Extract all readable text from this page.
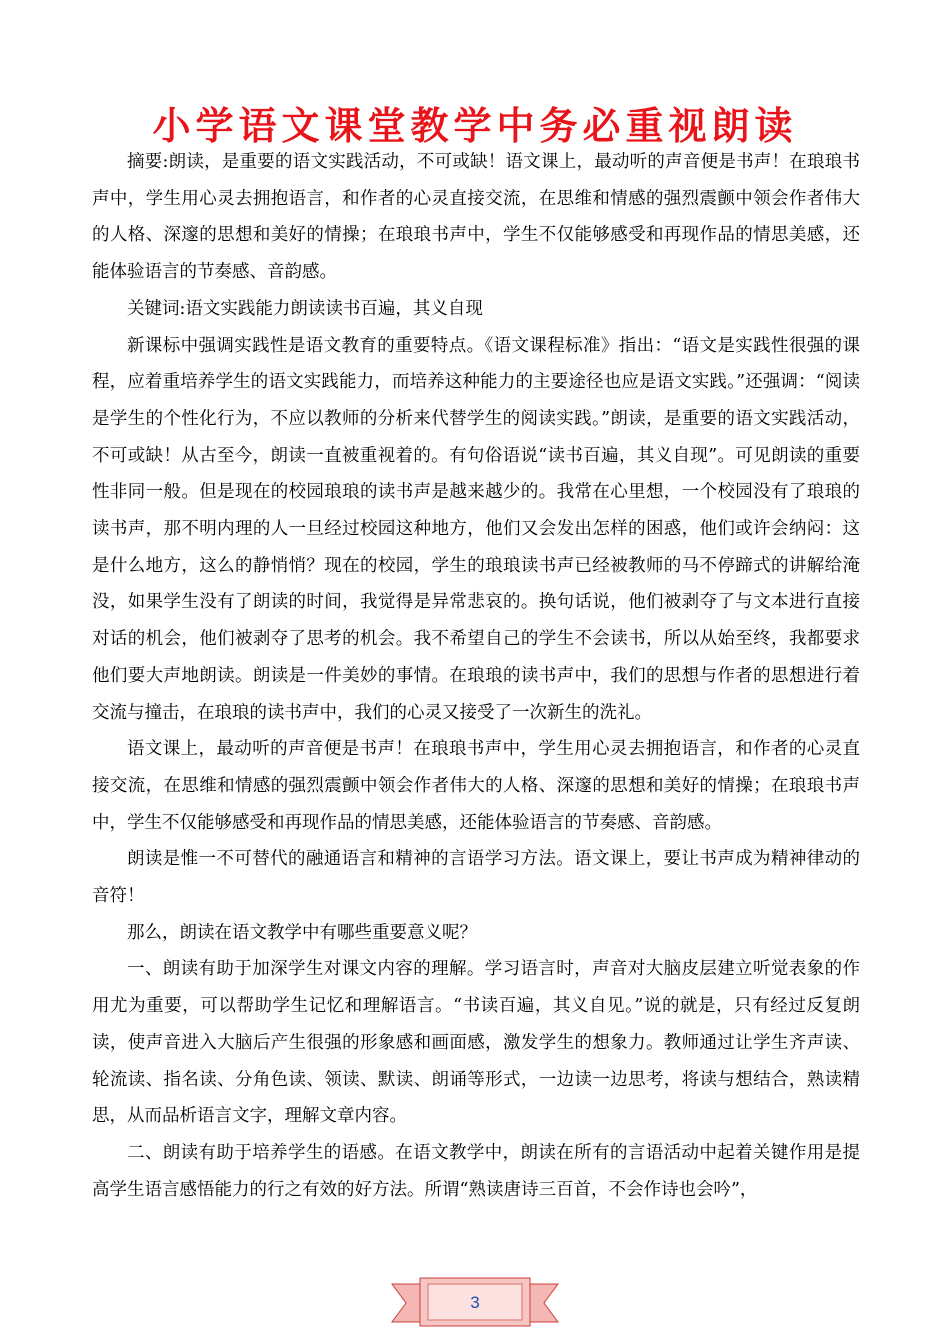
小学语文课堂教学中务必重视朗读

摘要:朗读，是重要的语文实践活动，不可或缺！语文课上，最动听的声音便是书声！在琅琅书声中，学生用心灵去拥抱语言，和作者的心灵直接交流，在思维和情感的强烈震颤中领会作者伟大的人格、深邃的思想和美好的情操；在琅琅书声中，学生不仅能够感受和再现作品的情思美感，还能体验语言的节奏感、音韵感。

关键词:语文实践能力朗读读书百遍，其义自现

新课标中强调实践性是语文教育的重要特点。《语文课程标准》指出：“语文是实践性很强的课程，应着重培养学生的语文实践能力，而培养这种能力的主要途径也应是语文实践。”还强调：“阅读是学生的个性化行为，不应以教师的分析来代替学生的阅读实践。”朗读，是重要的语文实践活动，不可或缺！从古至今，朗读一直被重视着的。有句俗语说“读书百遍，其义自现”。可见朗读的重要性非同一般。但是现在的校园琅琅的读书声是越来越少的。我常在心里想，一个校园没有了琅琅的读书声，那不明内理的人一旦经过校园这种地方，他们又会发出怎样的困惑，他们或许会纳闷：这是什么地方，这么的静悄悄？现在的校园，学生的琅琅读书声已经被教师的马不停蹄式的讲解给淹没，如果学生没有了朗读的时间，我觉得是异常悲哀的。换句话说，他们被剥夺了与文本进行直接对话的机会，他们被剥夺了思考的机会。我不希望自己的学生不会读书，所以从始至终，我都要求他们要大声地朗读。朗读是一件美妙的事情。在琅琅的读书声中，我们的思想与作者的思想进行着交流与撞击，在琅琅的读书声中，我们的心灵又接受了一次新生的洗礼。

语文课上，最动听的声音便是书声！在琅琅书声中，学生用心灵去拥抱语言，和作者的心灵直接交流，在思维和情感的强烈震颤中领会作者伟大的人格、深邃的思想和美好的情操；在琅琅书声中，学生不仅能够感受和再现作品的情思美感，还能体验语言的节奏感、音韵感。

朗读是惟一不可替代的融通语言和精神的言语学习方法。语文课上，要让书声成为精神律动的音符！

那么，朗读在语文教学中有哪些重要意义呢？

一、朗读有助于加深学生对课文内容的理解。学习语言时，声音对大脑皮层建立听觉表象的作用尤为重要，可以帮助学生记忆和理解语言。“书读百遍，其义自见。”说的就是，只有经过反复朗读，使声音进入大脑后产生很强的形象感和画面感，激发学生的想象力。教师通过让学生齐声读、轮流读、指名读、分角色读、领读、默读、朗诵等形式，一边读一边思考，将读与想结合，熟读精思，从而品析语言文字，理解文章内容。

二、朗读有助于培养学生的语感。在语文教学中，朗读在所有的言语活动中起着关键作用是提高学生语言感悟能力的行之有效的好方法。所谓“熟读唐诗三百首，不会作诗也会吟”，

3
